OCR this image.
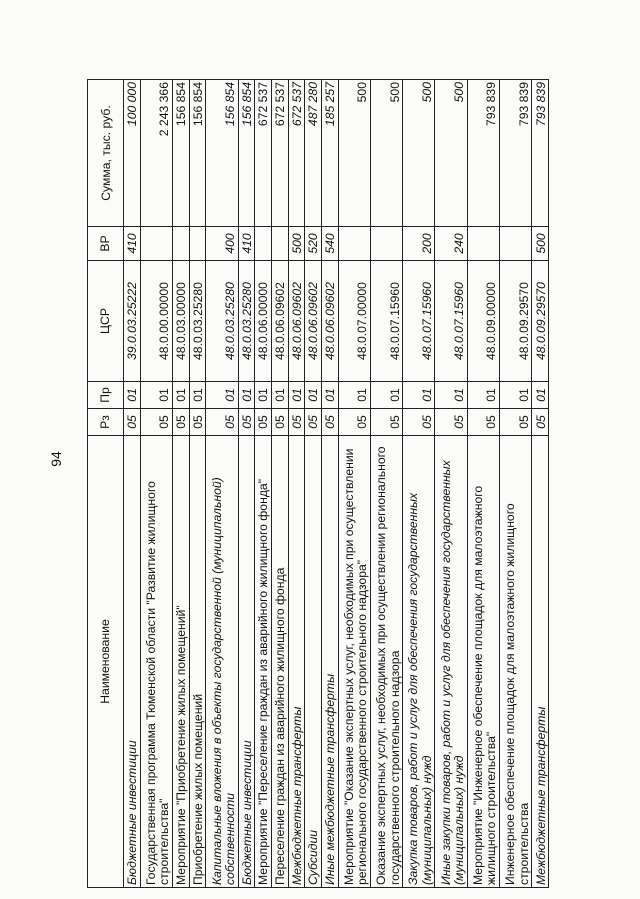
94
Наименование	Рз	Пр	ЦСР	ВР	Сумма, тыс. руб.
Бюджетные инвестиции	05	01	39.0.03.25222	410	100 000
Государственная программа Тюменской области "Развитие жилищного строительства"	05	01	48.0.00.00000		2 243 366
Мероприятие "Приобретение жилых помещений"	05	01	48.0.03.00000		156 854
Приобретение жилых помещений	05	01	48.0.03.25280		156 854
Капитальные вложения в объекты государственной (муниципальной) собственности	05	01	48.0.03.25280	400	156 854
Бюджетные инвестиции	05	01	48.0.03.25280	410	156 854
Мероприятие "Переселение граждан из аварийного жилищного фонда"	05	01	48.0.06.00000		672 537
Переселение граждан из аварийного жилищного фонда	05	01	48.0.06.09602		672 537
Межбюджетные трансферты	05	01	48.0.06.09602	500	672 537
Субсидии	05	01	48.0.06.09602	520	487 280
Иные межбюджетные трансферты	05	01	48.0.06.09602	540	185 257
Мероприятие "Оказание экспертных услуг, необходимых при осуществлении регионального государственного строительного надзора"	05	01	48.0.07.00000		500
Оказание экспертных услуг, необходимых при осуществлении регионального государственного строительного надзора	05	01	48.0.07.15960		500
Закупка товаров, работ и услуг для обеспечения государственных (муниципальных) нужд	05	01	48.0.07.15960	200	500
Иные закупки товаров, работ и услуг для обеспечения государственных (муниципальных) нужд	05	01	48.0.07.15960	240	500
Мероприятие "Инженерное обеспечение площадок для малоэтажного жилищного строительства"	05	01	48.0.09.00000		793 839
Инженерное обеспечение площадок для малоэтажного жилищного строительства	05	01	48.0.09.29570		793 839
Межбюджетные трансферты	05	01	48.0.09.29570	500	793 839
